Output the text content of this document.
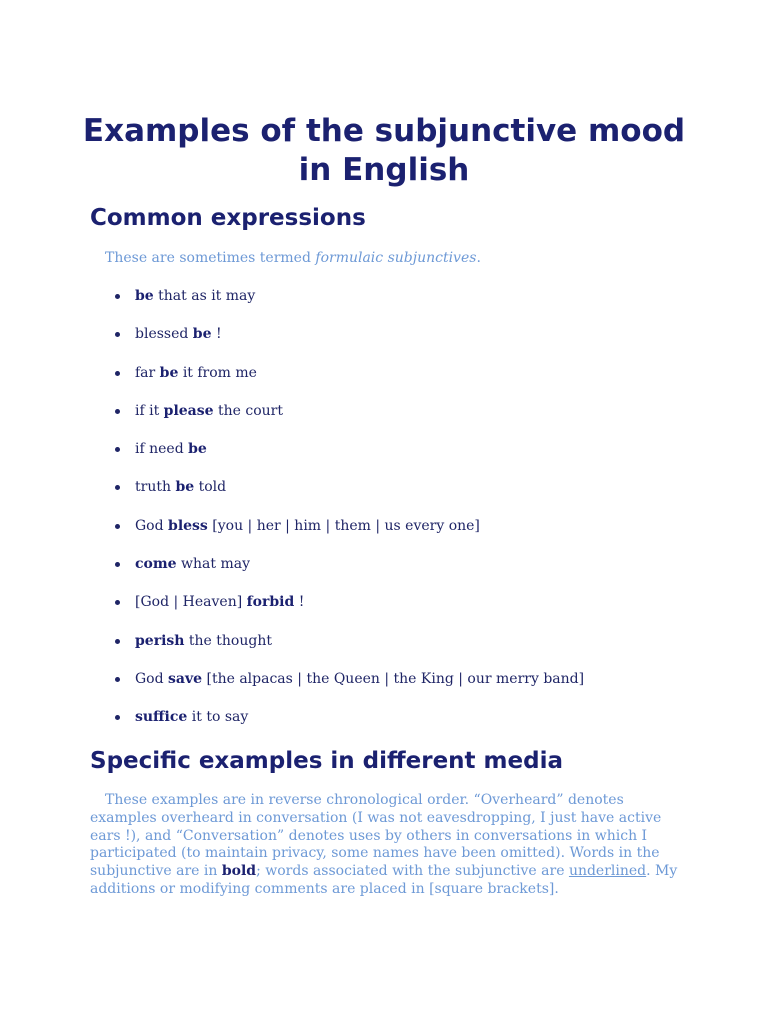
Examples of the subjunctive mood in English
Common expressions

These are sometimes termed formulaic subjunctives.

be that as it may
blessed be !
far be it from me
if it please the court
if need be
truth be told
God bless [you | her | him | them | us every one]
come what may
[God | Heaven] forbid !
perish the thought
God save [the alpacas | the Queen | the King | our merry band]
suffice it to say
Specific examples in different media

These examples are in reverse chronological order. “Overheard” denotes examples overheard in conversation (I was not eavesdropping, I just have active ears !), and “Conversation” denotes uses by others in conversations in which I participated (to maintain privacy, some names have been omitted). Words in the subjunctive are in bold; words associated with the subjunctive are underlined. My additions or modifying comments are placed in [square brackets].
